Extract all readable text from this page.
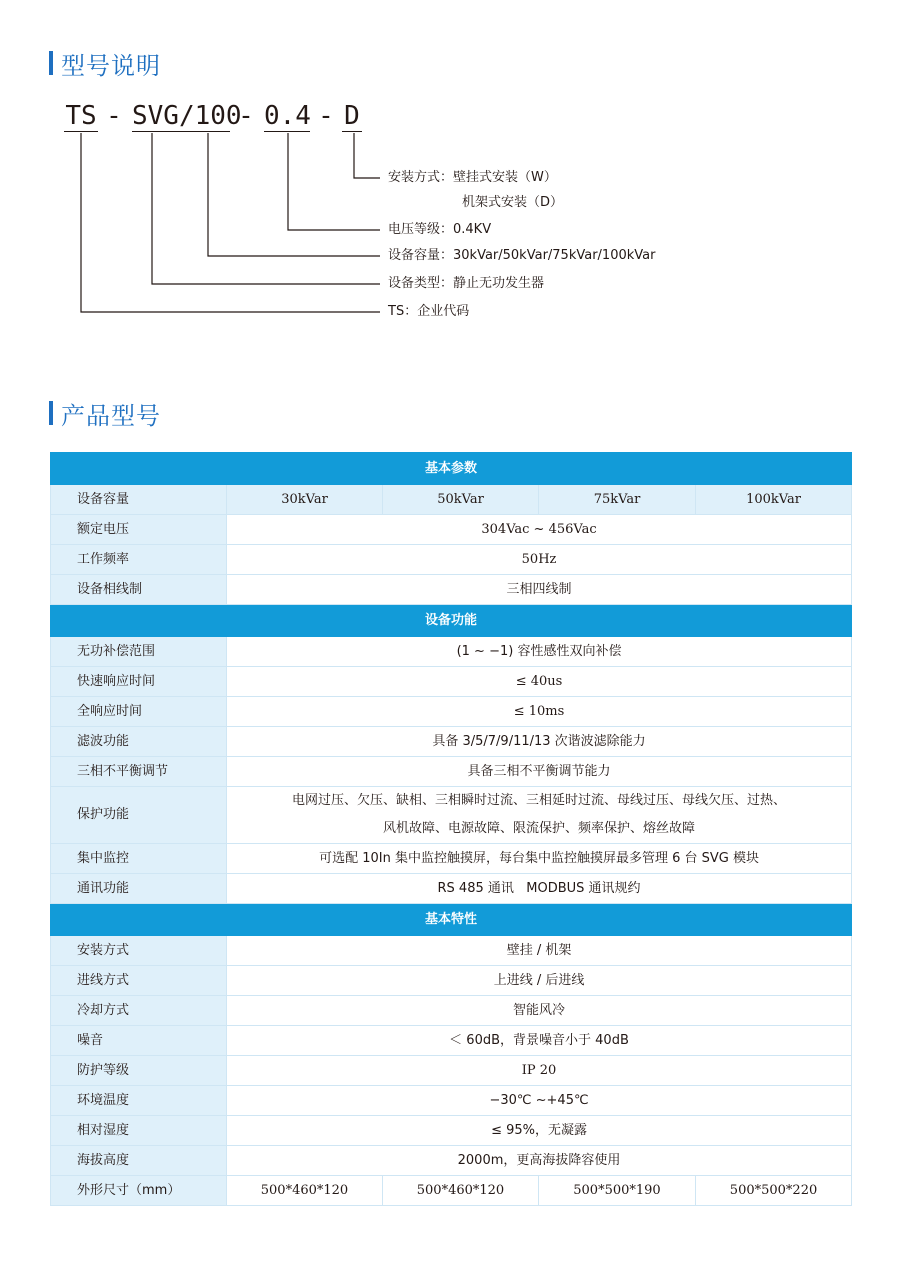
型号说明
TS - SVG/100
- 0.4 - D
安装方式：壁挂式安装（W）
机架式安装（D）
电压等级：0.4KV
设备容量：30kVar/50kVar/75kVar/100kVar
设备类型：静止无功发生器
TS：企业代码
产品型号
基本参数				
设备容量	30kVar	50kVar	75kVar	100kVar
额定电压	304Vac ~ 456Vac			
工作频率	50Hz			
设备相线制	三相四线制			
设备功能				
无功补偿范围	(1 ~ −1) 容性感性双向补偿			
快速响应时间	≤ 40us			
全响应时间	≤ 10ms			
滤波功能	具备 3/5/7/9/11/13 次谐波滤除能力			
三相不平衡调节	具备三相不平衡调节能力			
保护功能	电网过压、欠压、缺相、三相瞬时过流、三相延时过流、母线过压、母线欠压、过热、
风机故障、电源故障、限流保护、频率保护、熔丝故障			

集中监控	可选配 10In 集中监控触摸屏，每台集中监控触摸屏最多管理 6 台 SVG 模块			
通讯功能	RS 485 通讯   MODBUS 通讯规约			
基本特性				
安装方式	壁挂 / 机架			
进线方式	上进线 / 后进线			
冷却方式	智能风冷			
噪音	＜ 60dB，背景噪音小于 40dB			
防护等级	IP 20			
环境温度	−30℃ ~+45℃			
相对湿度	≤ 95%，无凝露			
海拔高度	2000m，更高海拔降容使用			
外形尺寸（mm）	500*460*120	500*460*120	500*500*190	500*500*220
